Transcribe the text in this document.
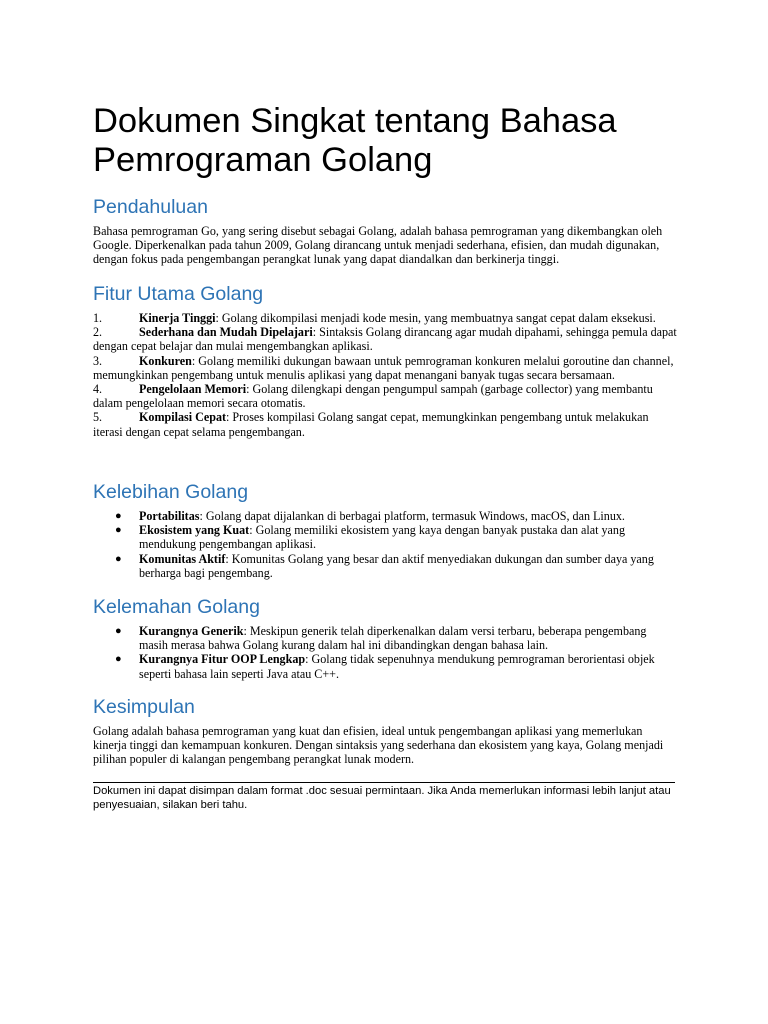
Dokumen Singkat tentang Bahasa Pemrograman Golang
Pendahuluan

Bahasa pemrograman Go, yang sering disebut sebagai Golang, adalah bahasa pemrograman yang dikembangkan oleh Google. Diperkenalkan pada tahun 2009, Golang dirancang untuk menjadi sederhana, efisien, dan mudah digunakan, dengan fokus pada pengembangan perangkat lunak yang dapat diandalkan dan berkinerja tinggi.

Fitur Utama Golang
1.	Kinerja Tinggi: Golang dikompilasi menjadi kode mesin, yang membuatnya sangat cepat dalam eksekusi.
2.	Sederhana dan Mudah Dipelajari: Sintaksis Golang dirancang agar mudah dipahami, sehingga pemula dapat dengan cepat belajar dan mulai mengembangkan aplikasi.
3.	Konkuren: Golang memiliki dukungan bawaan untuk pemrograman konkuren melalui goroutine dan channel, memungkinkan pengembang untuk menulis aplikasi yang dapat menangani banyak tugas secara bersamaan.
4.	Pengelolaan Memori: Golang dilengkapi dengan pengumpul sampah (garbage collector) yang membantu dalam pengelolaan memori secara otomatis.
5.	Kompilasi Cepat: Proses kompilasi Golang sangat cepat, memungkinkan pengembang untuk melakukan iterasi dengan cepat selama pengembangan.
Kelebihan Golang
● Portabilitas: Golang dapat dijalankan di berbagai platform, termasuk Windows, macOS, dan Linux.
● Ekosistem yang Kuat: Golang memiliki ekosistem yang kaya dengan banyak pustaka dan alat yang mendukung pengembangan aplikasi.
● Komunitas Aktif: Komunitas Golang yang besar dan aktif menyediakan dukungan dan sumber daya yang berharga bagi pengembang.
Kelemahan Golang
● Kurangnya Generik: Meskipun generik telah diperkenalkan dalam versi terbaru, beberapa pengembang masih merasa bahwa Golang kurang dalam hal ini dibandingkan dengan bahasa lain.
● Kurangnya Fitur OOP Lengkap: Golang tidak sepenuhnya mendukung pemrograman berorientasi objek seperti bahasa lain seperti Java atau C++.
Kesimpulan

Golang adalah bahasa pemrograman yang kuat dan efisien, ideal untuk pengembangan aplikasi yang memerlukan kinerja tinggi dan kemampuan konkuren. Dengan sintaksis yang sederhana dan ekosistem yang kaya, Golang menjadi pilihan populer di kalangan pengembang perangkat lunak modern.

Dokumen ini dapat disimpan dalam format .doc sesuai permintaan. Jika Anda memerlukan informasi lebih lanjut atau penyesuaian, silakan beri tahu.
